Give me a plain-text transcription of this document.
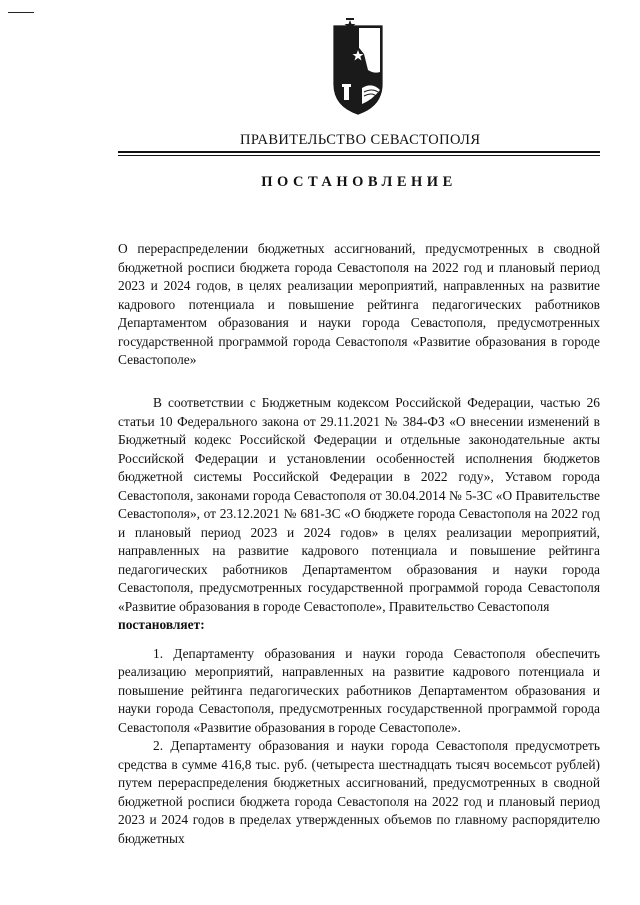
ПРАВИТЕЛЬСТВО СЕВАСТОПОЛЯ
ПОСТАНОВЛЕНИЕ
О перераспределении бюджетных ассигнований, предусмотренных в сводной бюджетной росписи бюджета города Севастополя на 2022 год и плановый период 2023 и 2024 годов, в целях реализации мероприятий, направленных на развитие кадрового потенциала и повышение рейтинга педагогических работников Департаментом образования и науки города Севастополя, предусмотренных государственной программой города Севастополя «Развитие образования в городе Севастополе»

В соответствии с Бюджетным кодексом Российской Федерации, частью 26 статьи 10 Федерального закона от 29.11.2021 № 384-ФЗ «О внесении изменений в Бюджетный кодекс Российской Федерации и отдельные законодательные акты Российской Федерации и установлении особенностей исполнения бюджетов бюджетной системы Российской Федерации в 2022 году», Уставом города Севастополя, законами города Севастополя от 30.04.2014 № 5-ЗС «О Правительстве Севастополя», от 23.12.2021 № 681-ЗС «О бюджете города Севастополя на 2022 год и плановый период 2023 и 2024 годов» в целях реализации мероприятий, направленных на развитие кадрового потенциала и повышение рейтинга педагогических работников Департаментом образования и науки города Севастополя, предусмотренных государственной программой города Севастополя «Развитие образования в городе Севастополе», Правительство Севастополя

постановляет:

1. Департаменту образования и науки города Севастополя обеспечить реализацию мероприятий, направленных на развитие кадрового потенциала и повышение рейтинга педагогических работников Департаментом образования и науки города Севастополя, предусмотренных государственной программой города Севастополя «Развитие образования в городе Севастополе».

2. Департаменту образования и науки города Севастополя предусмотреть средства в сумме 416,8 тыс. руб. (четыреста шестнадцать тысяч восемьсот рублей) путем перераспределения бюджетных ассигнований, предусмотренных в сводной бюджетной росписи бюджета города Севастополя на 2022 год и плановый период 2023 и 2024 годов в пределах утвержденных объемов по главному распорядителю бюджетных
